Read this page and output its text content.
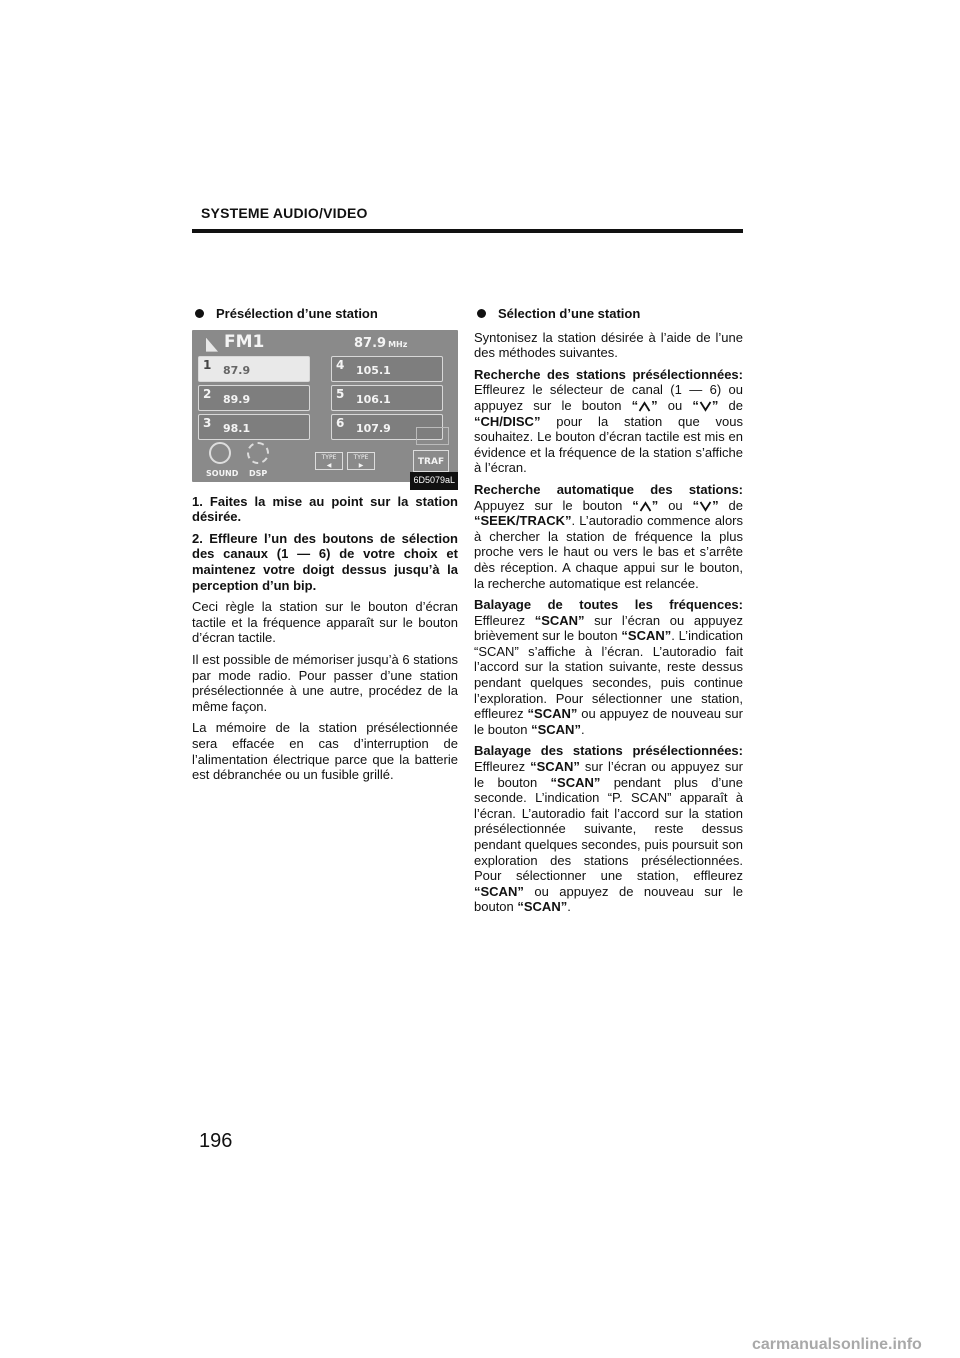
SYSTEME AUDIO/VIDEO
Présélection d’une station
FM1	87.9 MHz
1 87.9
2 89.9
3 98.1
4 105.1
5 106.1
6 107.9
SOUND DSP
TYPE
◀
TYPE
▶	TRAF
6D5079aL

1. Faites la mise au point sur la station désirée.

2. Effleure l’un des boutons de sélection des canaux (1 — 6) de votre choix et maintenez votre doigt dessus jusqu’à la perception d’un bip.

Ceci règle la station sur le bouton d’écran tactile et la fréquence apparaît sur le bouton d’écran tactile.

Il est possible de mémoriser jusqu’à 6 stations par mode radio. Pour passer d’une station présélectionnée à une autre, procédez de la même façon.

La mémoire de la station présélectionnée sera effacée en cas d’interruption de l’alimentation électrique parce que la batterie est débranchée ou un fusible grillé.

Sélection d’une station

Syntonisez la station désirée à l’aide de l’une des méthodes suivantes.

Recherche des stations présélectionnées: Effleurez le sélecteur de canal (1 — 6) ou appuyez sur le bouton “ ” ou “ ” de “CH/DISC” pour la station que vous souhaitez. Le bouton d’écran tactile est mis en évidence et la fréquence de la station s’affiche à l’écran.

Recherche automatique des stations: Appuyez sur le bouton “ ” ou “ ” de “SEEK/TRACK”. L’autoradio commence alors à chercher la station de fréquence la plus proche vers le haut ou vers le bas et s’arrête dès réception. A chaque appui sur le bouton, la recherche automatique est relancée.

Balayage de toutes les fréquences: Effleurez “SCAN” sur l’écran ou appuyez brièvement sur le bouton “SCAN”. L’indication “SCAN” s’affiche à l’écran. L’autoradio fait l’accord sur la station suivante, reste dessus pendant quelques secondes, puis continue l’exploration. Pour sélectionner une station, effleurez “SCAN” ou appuyez de nouveau sur le bouton “SCAN”.

Balayage des stations présélectionnées: Effleurez “SCAN” sur l’écran ou appuyez sur le bouton “SCAN” pendant plus d’une seconde. L’indication “P. SCAN” apparaît à l’écran. L’autoradio fait l’accord sur la station présélectionnée suivante, reste dessus pendant quelques secondes, puis poursuit son exploration des stations présélectionnées. Pour sélectionner une station, effleurez “SCAN” ou appuyez de nouveau sur le bouton “SCAN”.

196
carmanualsonline.info
